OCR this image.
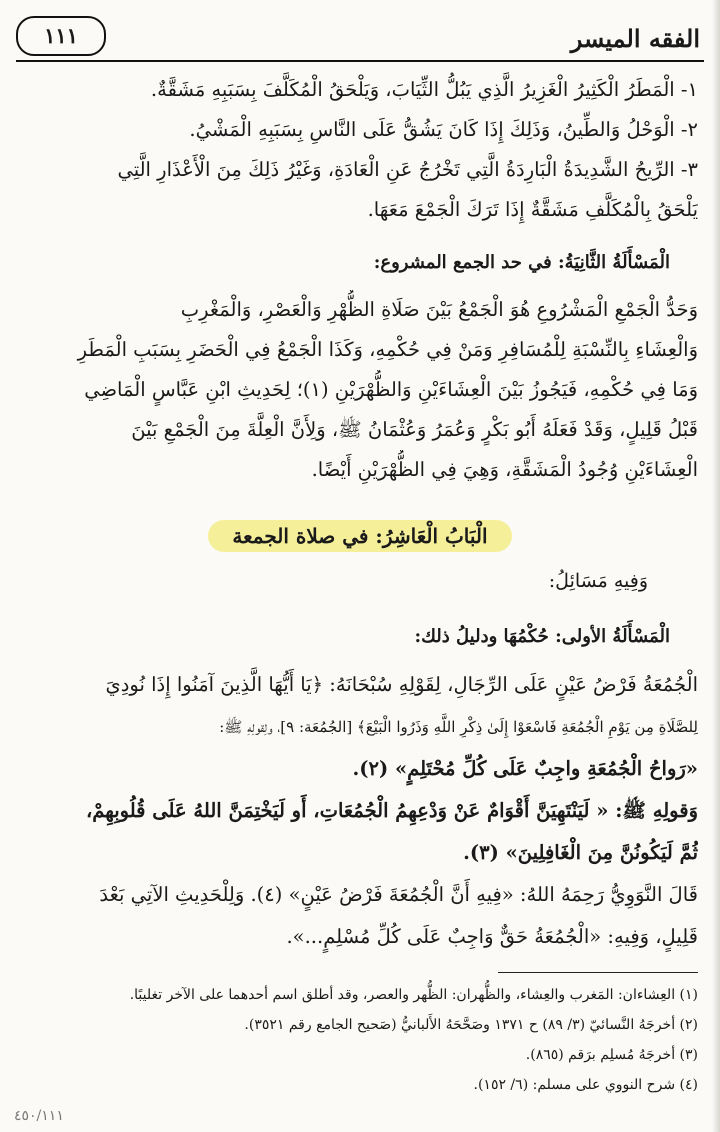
الفقه الميسر
١١١
١- الْمَطَرُ الْكَثِيرُ الْغَزِيرُ الَّذِي يَبُلُّ الثِّيَابَ، وَيَلْحَقُ الْمُكَلَّفَ بِسَبَبِهِ مَشَقَّةٌ.
٢- الْوَحْلُ وَالطِّينُ، وَذَلِكَ إِذَا كَانَ يَشُقُّ عَلَى النَّاسِ بِسَبَبِهِ الْمَشْيُ.
٣- الرِّيحُ الشَّدِيدَةُ الْبَارِدَةُ الَّتِي تَخْرُجُ عَنِ الْعَادَةِ، وَغَيْرُ ذَلِكَ مِنَ الْأَعْذَارِ الَّتِي
يَلْحَقُ بِالْمُكَلَّفِ مَشَقَّةٌ إِذَا تَرَكَ الْجَمْعَ مَعَهَا.
الْمَسْأَلَةُ الثَّانِيَةُ: في حد الجمع المشروع:
وَحَدُّ الْجَمْعِ الْمَشْرُوعِ هُوَ الْجَمْعُ بَيْنَ صَلَاةِ الظُّهْرِ وَالْعَصْرِ، وَالْمَغْرِبِ
وَالْعِشَاءِ بِالنِّسْبَةِ لِلْمُسَافِرِ وَمَنْ فِي حُكْمِهِ، وَكَذَا الْجَمْعُ فِي الْحَضَرِ بِسَبَبِ الْمَطَرِ
وَمَا فِي حُكْمِهِ، فَيَجُوزُ بَيْنَ الْعِشَاءَيْنِ وَالظُّهْرَيْنِ (١)؛ لِحَدِيثِ ابْنِ عَبَّاسٍ الْمَاضِي
قَبْلُ قَلِيلٍ، وَقَدْ فَعَلَهُ أَبُو بَكْرٍ وَعُمَرُ وَعُثْمَانُ ﷺ، وَلِأَنَّ الْعِلَّةَ مِنَ الْجَمْعِ بَيْنَ
الْعِشَاءَيْنِ وُجُودُ الْمَشَقَّةِ، وَهِيَ فِي الظُّهْرَيْنِ أَيْضًا.
الْبَابُ الْعَاشِرُ: في صلاة الجمعة
وَفِيهِ مَسَائِلُ:
الْمَسْأَلَةُ الأولى: حُكْمُهَا ودليلُ ذلك:
الْجُمُعَةُ فَرْضُ عَيْنٍ عَلَى الرِّجَالِ، لِقَوْلِهِ سُبْحَانَهُ: ﴿يَا أَيُّهَا الَّذِينَ آمَنُوا إِذَا نُودِيَ
لِلصَّلَاةِ مِن يَوْمِ الْجُمُعَةِ فَاسْعَوْا إِلَىٰ ذِكْرِ اللَّهِ وَذَرُوا الْبَيْعَ﴾ [الجُمُعَة: ٩]، ولِقولِهِ ﷺ:
«رَواحُ الْجُمُعَةِ واجِبٌ عَلَى كُلِّ مُحْتَلِمٍ» (٢).
وَقولِهِ ﷺ: « لَيَنْتَهِيَنَّ أَقْوَامٌ عَنْ وَدْعِهِمُ الْجُمُعَاتِ، أَو لَيَخْتِمَنَّ اللهُ عَلَى قُلُوبِهِمْ،
ثُمَّ لَيَكُونُنَّ مِنَ الْغَافِلِينَ» (٣).
قَالَ النَّوَوِيُّ رَحِمَهُ اللهُ: «فِيهِ أَنَّ الْجُمُعَةَ فَرْضُ عَيْنٍ» (٤). وَلِلْحَدِيثِ الآتِي بَعْدَ
قَلِيلٍ، وَفِيهِ: «الْجُمُعَةُ حَقٌّ وَاجِبٌ عَلَى كُلِّ مُسْلِمٍ...».
(١) العِشاءان: المَغرب والعِشاء، والظُّهران: الظُّهر والعصر، وقد أطلق اسم أحدهما على الآخر تغليبًا.
(٢) أخرجَهُ النَّسائيّ (٣/ ٨٩) ح ١٣٧١ وصَحَّحَهُ الأَلبانيُّ (صَحيح الجامع رقم ٣٥٢١).
(٣) أخرجَهُ مُسلِم برَقم (٨٦٥).
(٤) شرح النووي على مسلم: (٦/ ١٥٢).
٤٥٠/١١١
